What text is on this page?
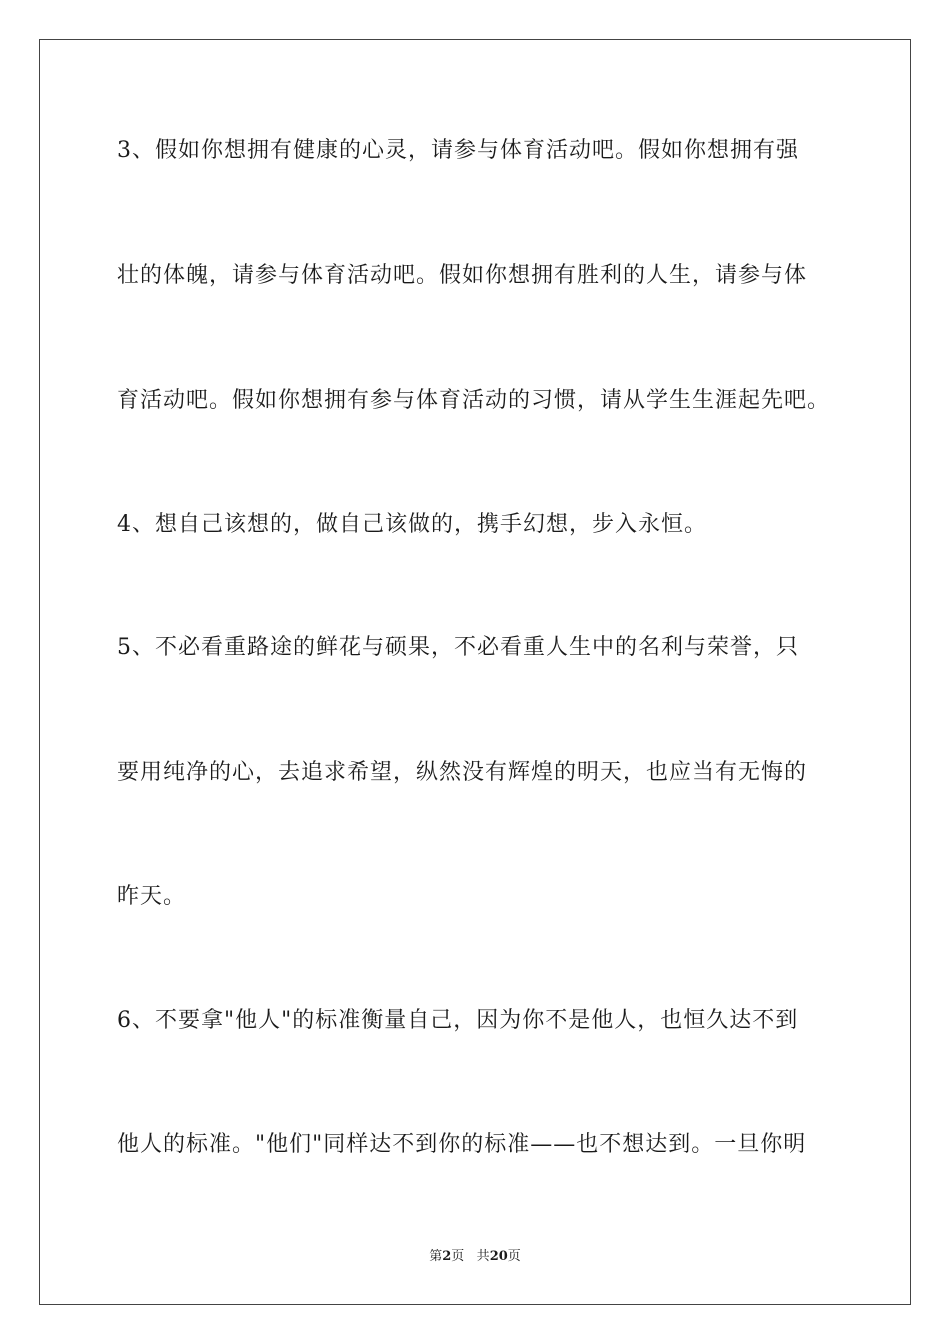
3、假如你想拥有健康的心灵，请参与体育活动吧。假如你想拥有强
壮的体魄，请参与体育活动吧。假如你想拥有胜利的人生，请参与体
育活动吧。假如你想拥有参与体育活动的习惯，请从学生生涯起先吧。
4、想自己该想的，做自己该做的，携手幻想，步入永恒。
5、不必看重路途的鲜花与硕果，不必看重人生中的名利与荣誉，只
要用纯净的心，去追求希望，纵然没有辉煌的明天，也应当有无悔的
昨天。
6、不要拿"他人"的标准衡量自己，因为你不是他人，也恒久达不到
他人的标准。"他们"同样达不到你的标准——也不想达到。一旦你明
第2页 共20页
